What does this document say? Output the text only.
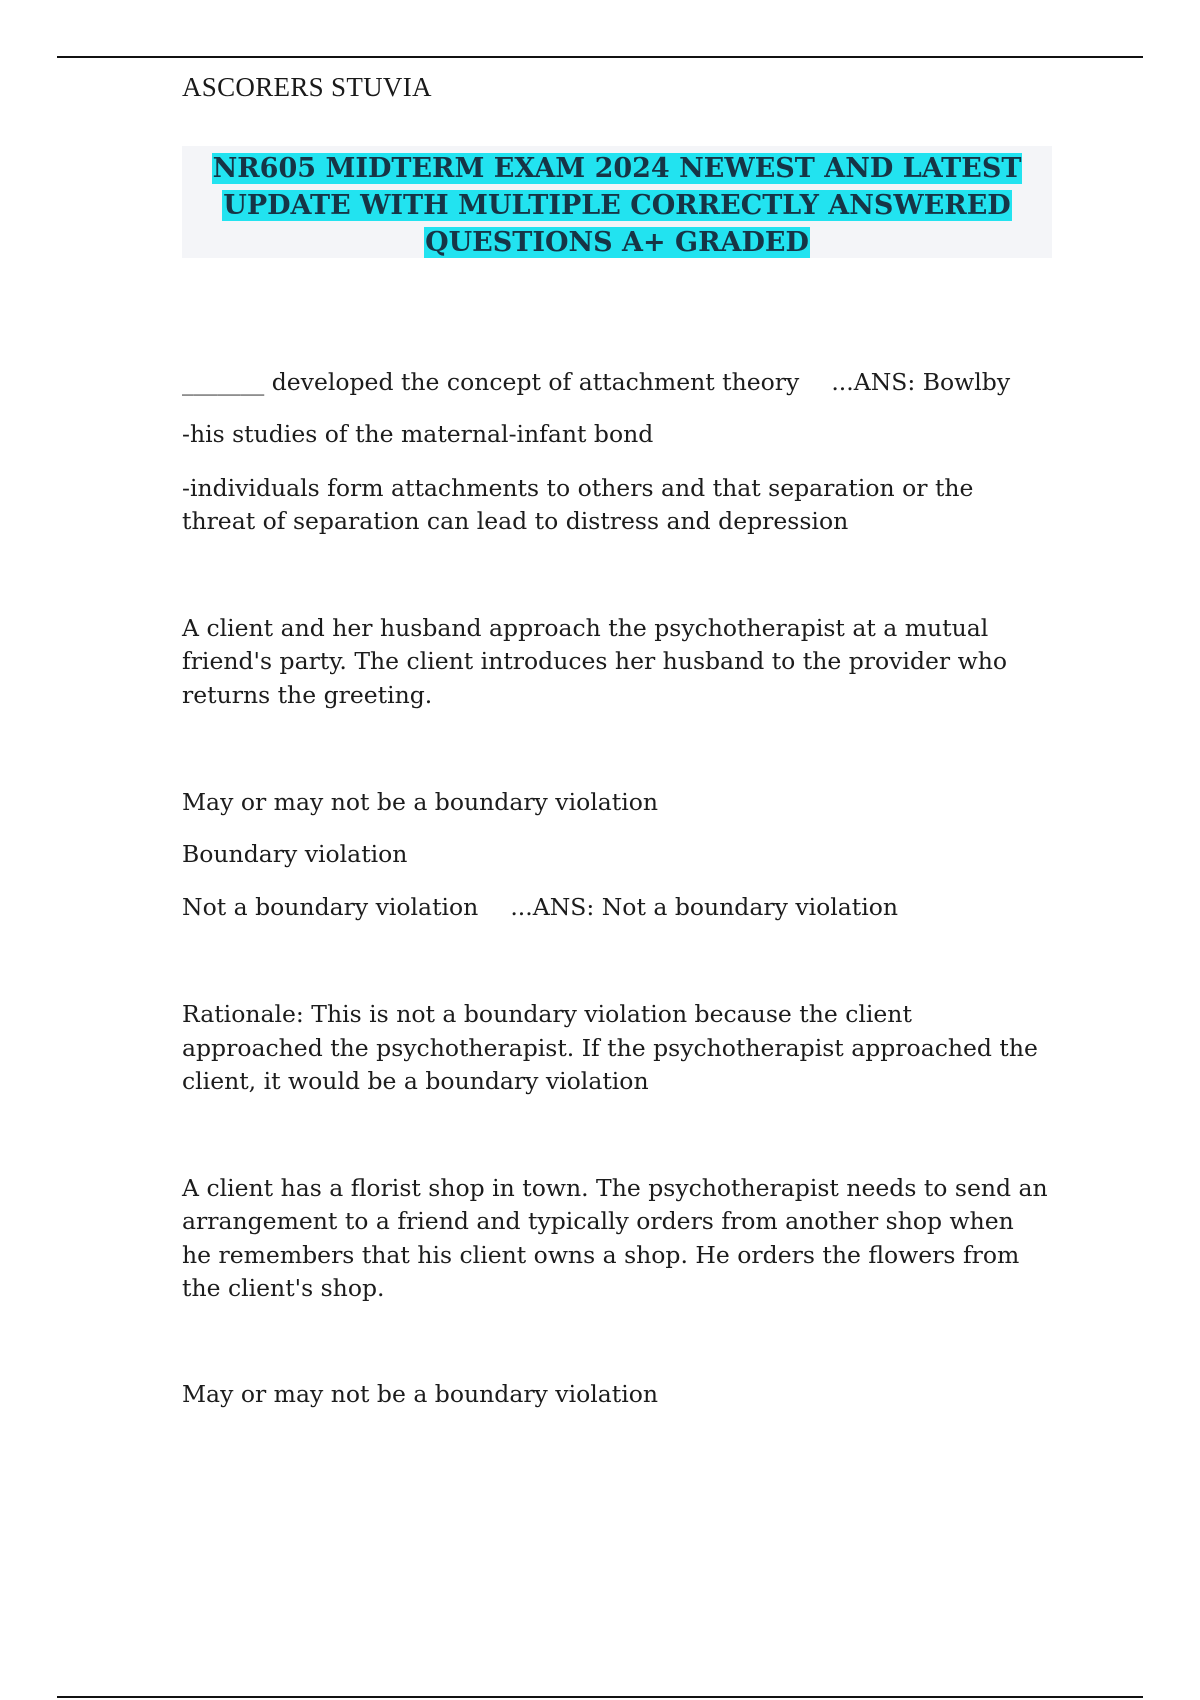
ASCORERS STUVIA
NR605 MIDTERM EXAM 2024 NEWEST AND LATEST
UPDATE WITH MULTIPLE CORRECTLY ANSWERED
QUESTIONS A+ GRADED

_______ developed the concept of attachment theory ...ANS: Bowlby

-his studies of the maternal-infant bond

-individuals form attachments to others and that separation or the

threat of separation can lead to distress and depression

A client and her husband approach the psychotherapist at a mutual

friend's party. The client introduces her husband to the provider who

returns the greeting.

May or may not be a boundary violation

Boundary violation

Not a boundary violation ...ANS: Not a boundary violation

Rationale: This is not a boundary violation because the client

approached the psychotherapist. If the psychotherapist approached the

client, it would be a boundary violation

A client has a florist shop in town. The psychotherapist needs to send an

arrangement to a friend and typically orders from another shop when

he remembers that his client owns a shop. He orders the flowers from

the client's shop.

May or may not be a boundary violation
